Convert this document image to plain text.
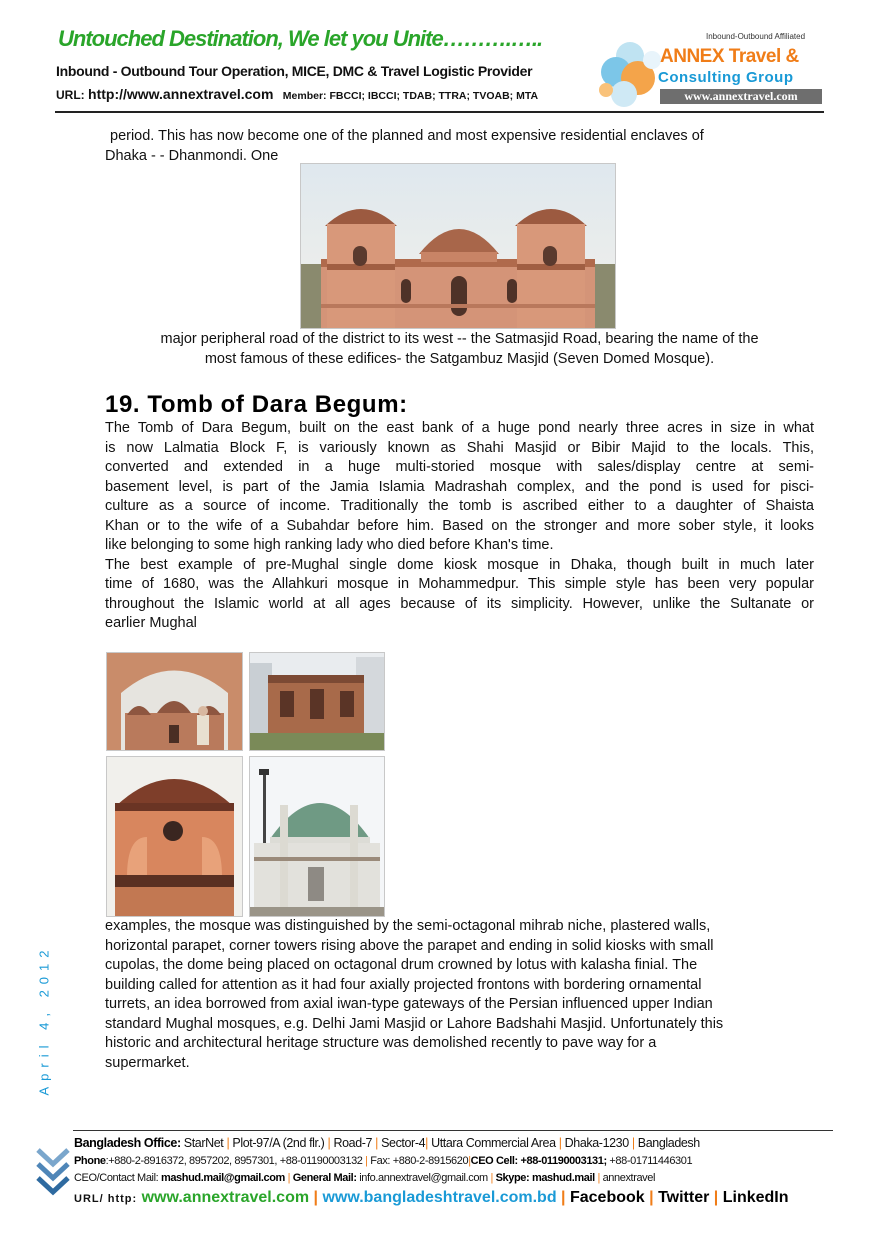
Untouched Destination, We let you Unite……….…..
Inbound - Outbound Tour Operation, MICE, DMC & Travel Logistic Provider
URL: http://www.annextravel.com Member: FBCCI; IBCCI; TDAB; TTRA; TVOAB; MTA
Inbound-Outbound Affiliated
ANNEX Travel &
Consulting Group
www.annextravel.com
period. This has now become one of the planned and most expensive residential enclaves of
Dhaka - - Dhanmondi. One
major peripheral road of the district to its west -- the Satmasjid Road, bearing the name of the
most famous of these edifices- the Satgambuz Masjid (Seven Domed Mosque).
19. Tomb of Dara Begum:
The Tomb of Dara Begum, built on the east bank of a huge pond nearly three acres in size in what
is now Lalmatia Block F, is variously known as Shahi Masjid or Bibir Majid to the locals. This,
converted and extended in a huge multi-storied mosque with sales/display centre at semi-
basement level, is part of the Jamia Islamia Madrashah complex, and the pond is used for pisci-
culture as a source of income. Traditionally the tomb is ascribed either to a daughter of Shaista
Khan or to the wife of a Subahdar before him. Based on the stronger and more sober style, it looks
like belonging to some high ranking lady who died before Khan's time.
The best example of pre-Mughal single dome kiosk mosque in Dhaka, though built in much later
time of 1680, was the Allahkuri mosque in Mohammedpur. This simple style has been very popular
throughout the Islamic world at all ages because of its simplicity. However, unlike the Sultanate or
earlier Mughal
examples, the mosque was distinguished by the semi-octagonal mihrab niche, plastered walls,
horizontal parapet, corner towers rising above the parapet and ending in solid kiosks with small
cupolas, the dome being placed on octagonal drum crowned by lotus with kalasha finial. The
building called for attention as it had four axially projected frontons with bordering ornamental
turrets, an idea borrowed from axial iwan-type gateways of the Persian influenced upper Indian
standard Mughal mosques, e.g. Delhi Jami Masjid or Lahore Badshahi Masjid. Unfortunately this
historic and architectural heritage structure was demolished recently to pave way for a
supermarket.
April 4, 2012
Bangladesh Office: StarNet | Plot-97/A (2nd flr.) | Road-7 | Sector-4| Uttara Commercial Area | Dhaka-1230 | Bangladesh
Phone:+880-2-8916372, 8957202, 8957301, +88-01190003132 | Fax: +880-2-8915620|CEO Cell: +88-01190003131; +88-01711446301
CEO/Contact Mail: mashud.mail@gmail.com | General Mail: info.annextravel@gmail.com | Skype: mashud.mail | annextravel
URL/ http: www.annextravel.com | www.bangladeshtravel.com.bd | Facebook | Twitter | LinkedIn
